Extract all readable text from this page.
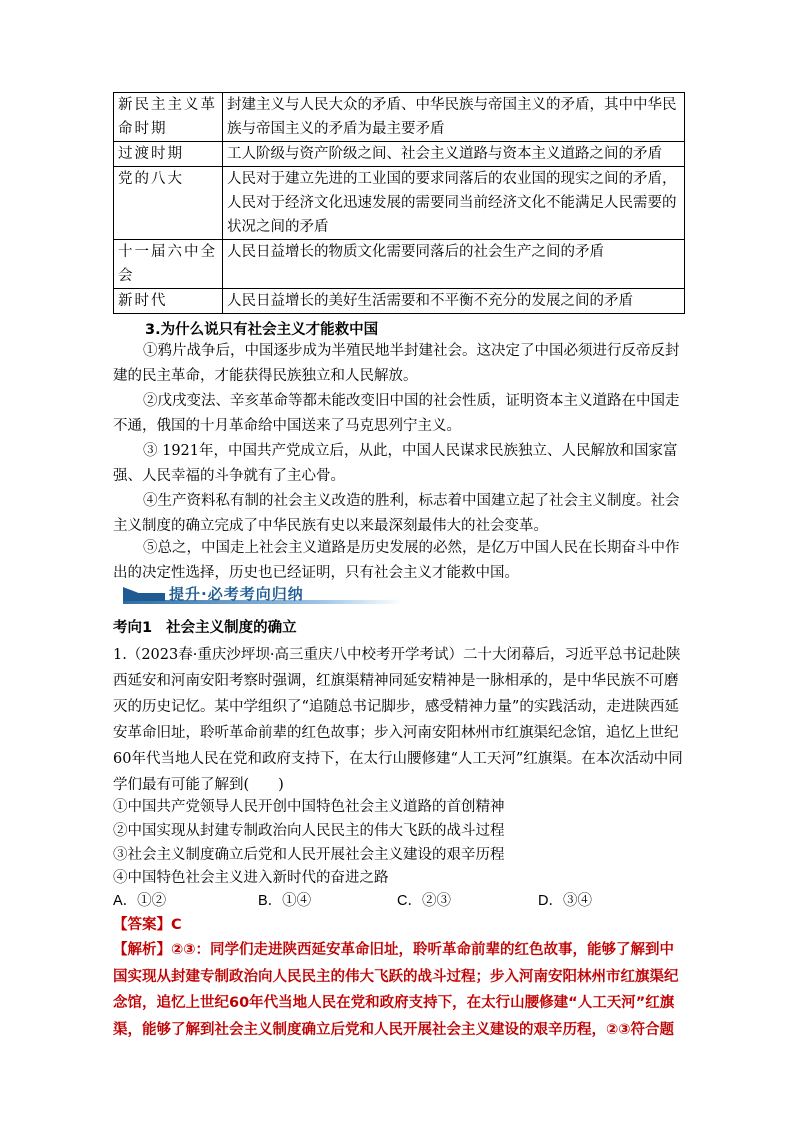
新民主主义革命时期	封建主义与人民大众的矛盾、中华民族与帝国主义的矛盾，其中中华民族与帝国主义的矛盾为最主要矛盾
过渡时期	工人阶级与资产阶级之间、社会主义道路与资本主义道路之间的矛盾
党的八大	人民对于建立先进的工业国的要求同落后的农业国的现实之间的矛盾，人民对于经济文化迅速发展的需要同当前经济文化不能满足人民需要的状况之间的矛盾
十一届六中全会	人民日益增长的物质文化需要同落后的社会生产之间的矛盾
新时代	人民日益增长的美好生活需要和不平衡不充分的发展之间的矛盾
3.为什么说只有社会主义才能救中国

①鸦片战争后，中国逐步成为半殖民地半封建社会。这决定了中国必须进行反帝反封建的民主革命，才能获得民族独立和人民解放。

②戊戌变法、辛亥革命等都未能改变旧中国的社会性质，证明资本主义道路在中国走不通，俄国的十月革命给中国送来了马克思列宁主义。

③ 1921年，中国共产党成立后，从此，中国人民谋求民族独立、人民解放和国家富强、人民幸福的斗争就有了主心骨。

④生产资料私有制的社会主义改造的胜利，标志着中国建立起了社会主义制度。社会主义制度的确立完成了中华民族有史以来最深刻最伟大的社会变革。

⑤总之，中国走上社会主义道路是历史发展的必然，是亿万中国人民在长期奋斗中作出的决定性选择，历史也已经证明，只有社会主义才能救中国。

提升·必考考向归纳
考向1 社会主义制度的确立

1.（2023春·重庆沙坪坝·高三重庆八中校考开学考试）二十大闭幕后，习近平总书记赴陕西延安和河南安阳考察时强调，红旗渠精神同延安精神是一脉相承的，是中华民族不可磨灭的历史记忆。某中学组织了“追随总书记脚步，感受精神力量”的实践活动，走进陕西延安革命旧址，聆听革命前辈的红色故事；步入河南安阳林州市红旗渠纪念馆，追忆上世纪60年代当地人民在党和政府支持下，在太行山腰修建“人工天河”红旗渠。在本次活动中同学们最有可能了解到(　　)

①中国共产党领导人民开创中国特色社会主义道路的首创精神

②中国实现从封建专制政治向人民民主的伟大飞跃的战斗过程

③社会主义制度确立后党和人民开展社会主义建设的艰辛历程

④中国特色社会主义进入新时代的奋进之路

A．①②	B．①④	C．②③	D．③④
【答案】C

【解析】②③：同学们走进陕西延安革命旧址，聆听革命前辈的红色故事，能够了解到中国实现从封建专制政治向人民民主的伟大飞跃的战斗过程；步入河南安阳林州市红旗渠纪念馆，追忆上世纪60年代当地人民在党和政府支持下，在太行山腰修建“人工天河”红旗渠，能够了解到社会主义制度确立后党和人民开展社会主义建设的艰辛历程，②③符合题
